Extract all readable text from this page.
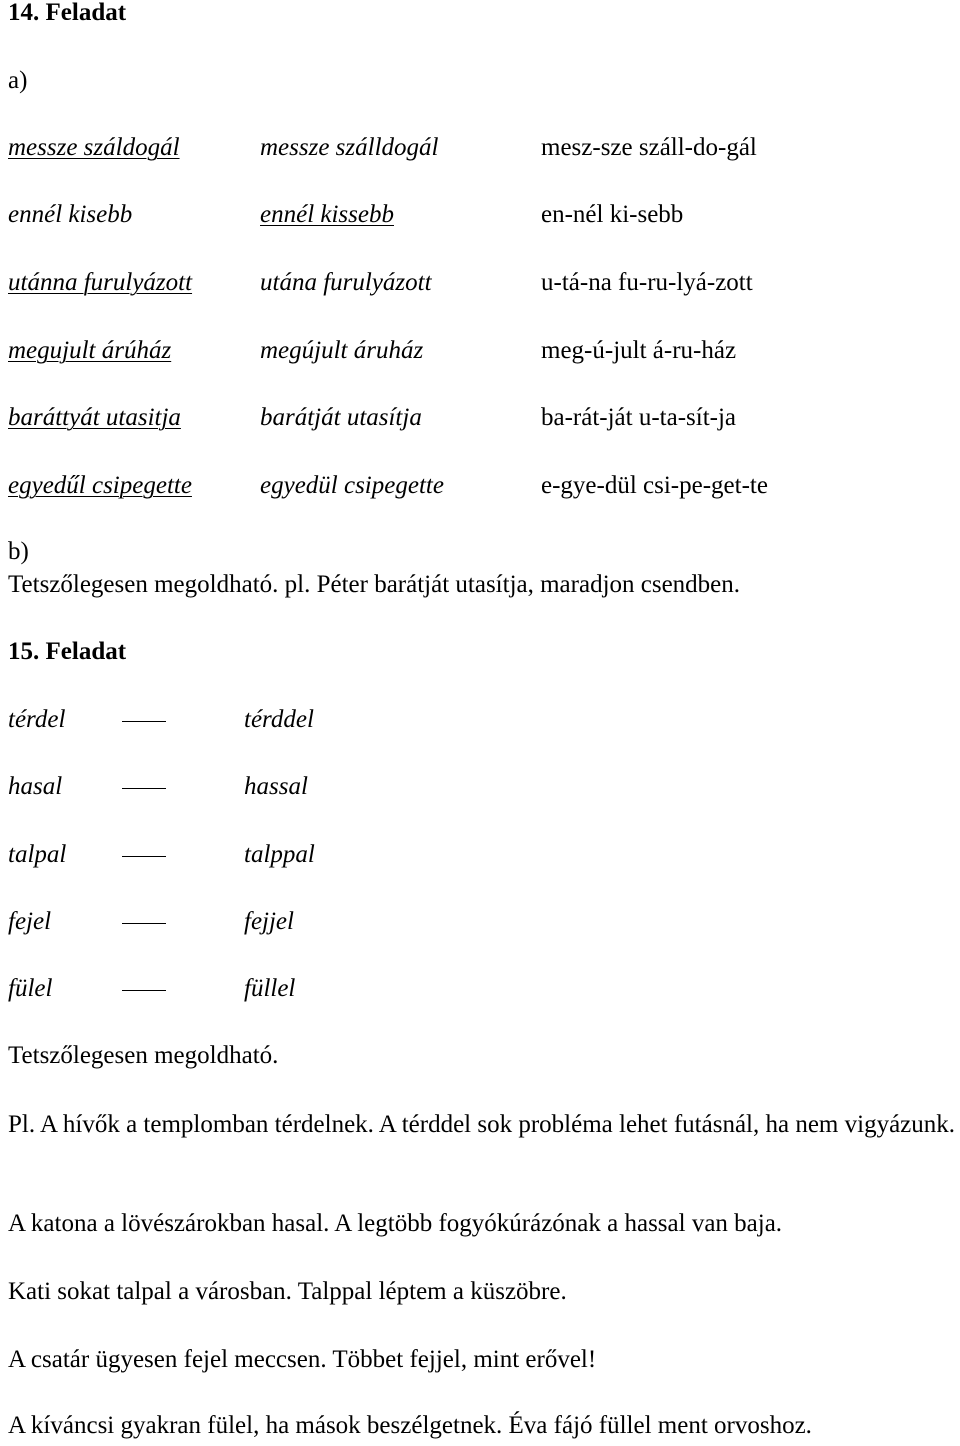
14. Feladat
a)
messze száldogál	messze szálldogál	mesz-sze száll-do-gál
ennél kisebb	ennél kissebb	en-nél ki-sebb
utánna furulyázott	utána furulyázott	u-tá-na fu-ru-lyá-zott
megujult árúház	megújult áruház	meg-ú-jult á-ru-ház
baráttyát utasitja	barátját utasítja	ba-rát-ját u-ta-sít-ja
egyedűl csipegette	egyedül csipegette	e-gye-dül csi-pe-get-te
b)
Tetszőlegesen megoldható. pl. Péter barátját utasítja, maradjon csendben.
15. Feladat
térdel	térddel
hasal	hassal
talpal	talppal
fejel	fejjel
fülel	füllel
Tetszőlegesen megoldható.
Pl. A hívők a templomban térdelnek. A térddel sok probléma lehet futásnál, ha nem vigyázunk.
A katona a lövészárokban hasal. A legtöbb fogyókúrázónak a hassal van baja.
Kati sokat talpal a városban. Talppal léptem a küszöbre.
A csatár ügyesen fejel meccsen. Többet fejjel, mint erővel!
A kíváncsi gyakran fülel, ha mások beszélgetnek. Éva fájó füllel ment orvoshoz.
